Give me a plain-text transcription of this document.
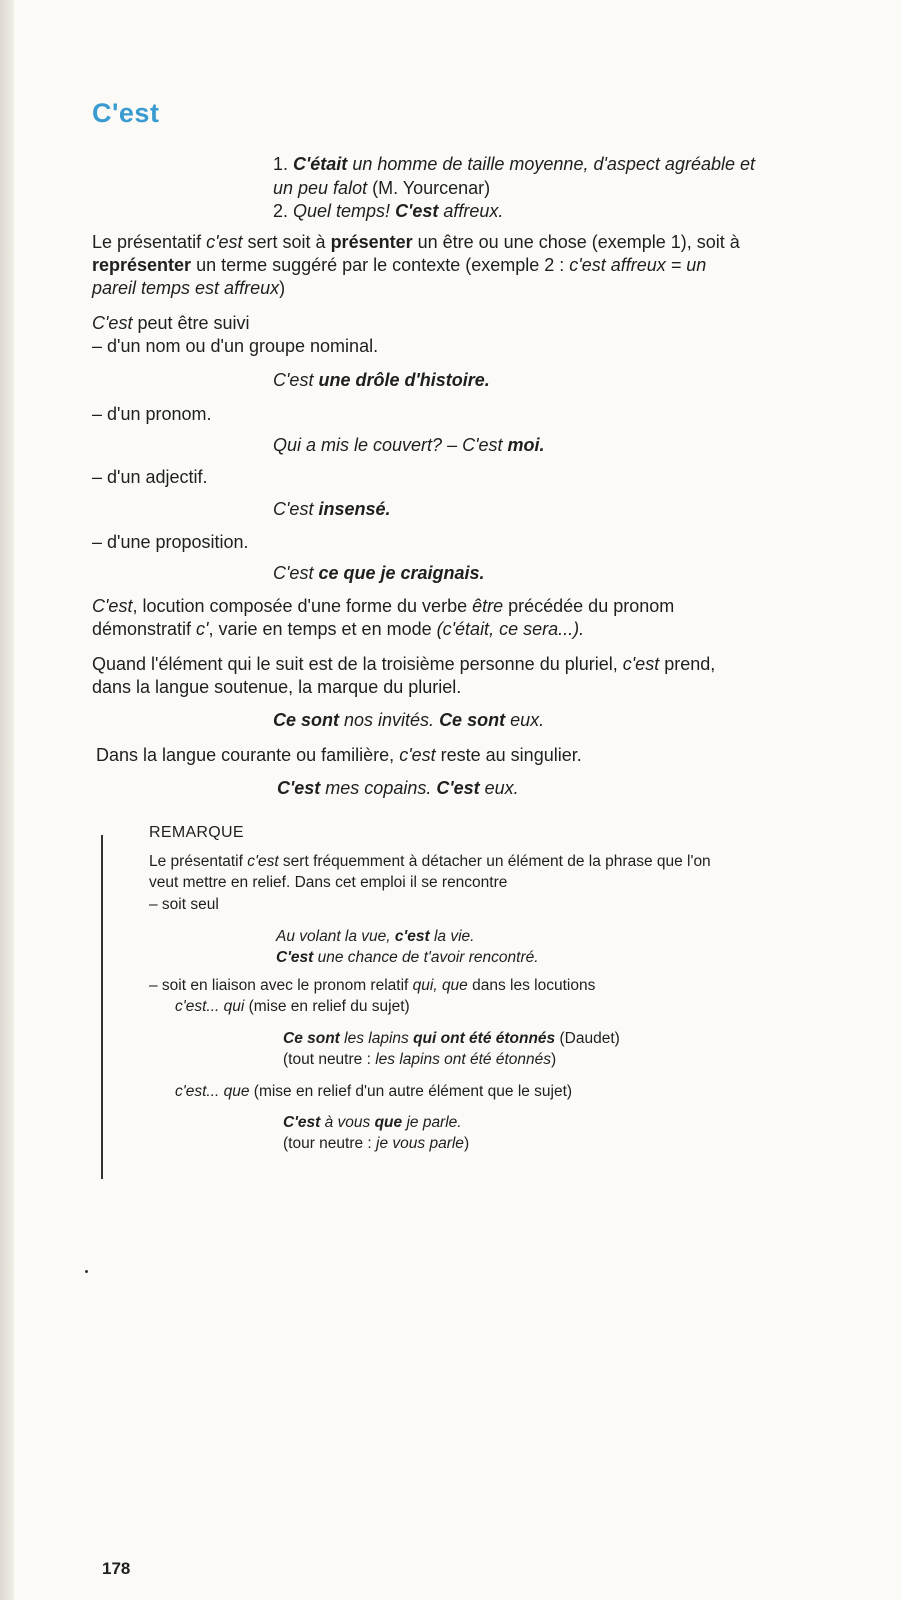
C'est
1. C'était un homme de taille moyenne, d'aspect agréable et
un peu falot (M. Yourcenar)
2. Quel temps! C'est affreux.
Le présentatif c'est sert soit à présenter un être ou une chose (exemple 1), soit à
représenter un terme suggéré par le contexte (exemple 2 : c'est affreux = un
pareil temps est affreux)
C'est peut être suivi
– d'un nom ou d'un groupe nominal.
C'est une drôle d'histoire.
– d'un pronom.
Qui a mis le couvert? – C'est moi.
– d'un adjectif.
C'est insensé.
– d'une proposition.
C'est ce que je craignais.
C'est, locution composée d'une forme du verbe être précédée du pronom
démonstratif c', varie en temps et en mode (c'était, ce sera...).
Quand l'élément qui le suit est de la troisième personne du pluriel, c'est prend,
dans la langue soutenue, la marque du pluriel.
Ce sont nos invités. Ce sont eux.
Dans la langue courante ou familière, c'est reste au singulier.
C'est mes copains. C'est eux.
REMARQUE
Le présentatif c'est sert fréquemment à détacher un élément de la phrase que l'on
veut mettre en relief. Dans cet emploi il se rencontre
– soit seul
Au volant la vue, c'est la vie.
C'est une chance de t'avoir rencontré.
– soit en liaison avec le pronom relatif qui, que dans les locutions
c'est... qui (mise en relief du sujet)
Ce sont les lapins qui ont été étonnés (Daudet)
(tout neutre : les lapins ont été étonnés)
c'est... que (mise en relief d'un autre élément que le sujet)
C'est à vous que je parle.
(tour neutre : je vous parle)
178
